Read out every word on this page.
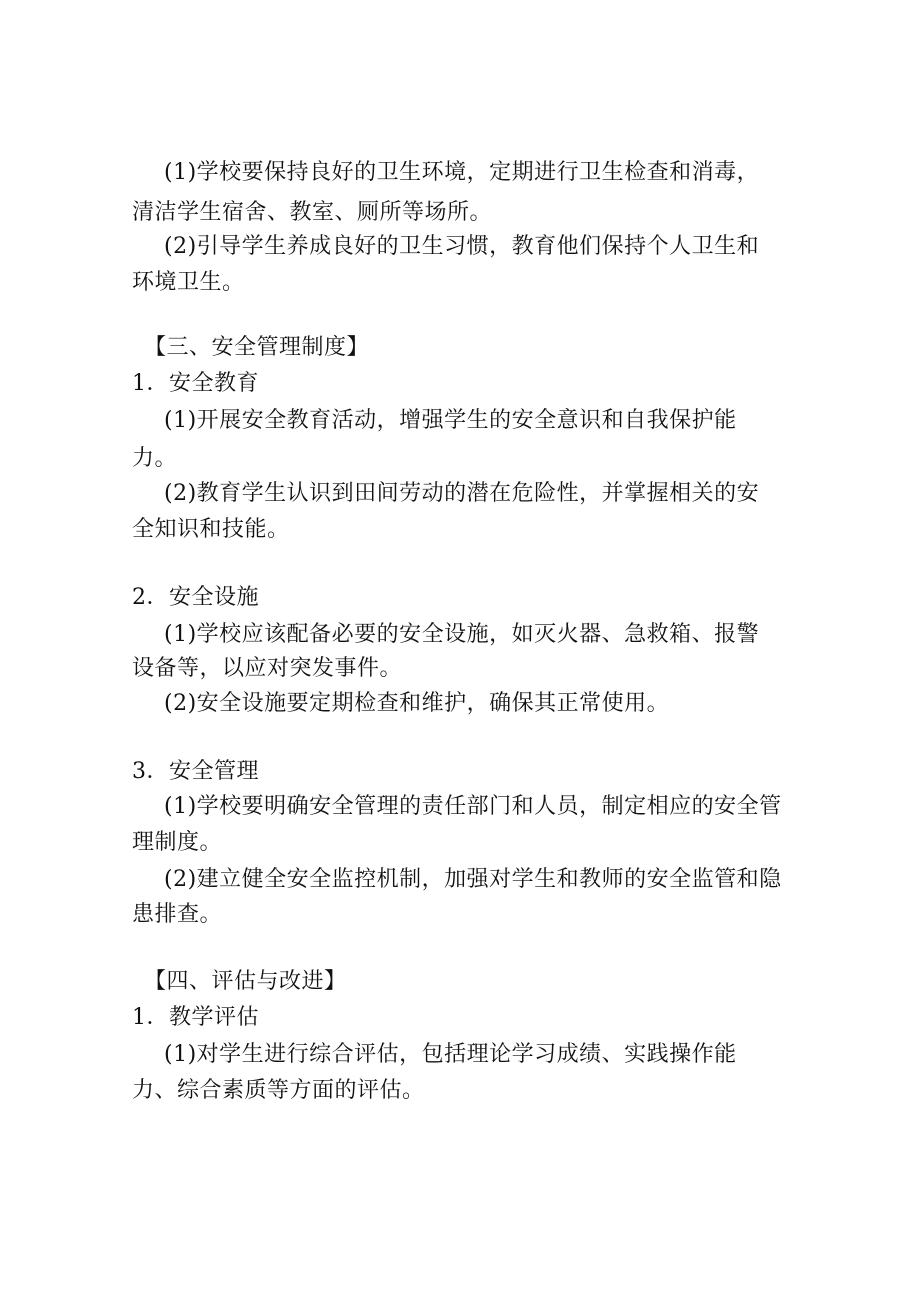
(1)学校要保持良好的卫生环境，定期进行卫生检查和消毒，
清洁学生宿舍、教室、厕所等场所。
(2)引导学生养成良好的卫生习惯，教育他们保持个人卫生和
环境卫生。
【三、安全管理制度】
1．安全教育
(1)开展安全教育活动，增强学生的安全意识和自我保护能
力。
(2)教育学生认识到田间劳动的潜在危险性，并掌握相关的安
全知识和技能。
2．安全设施
(1)学校应该配备必要的安全设施，如灭火器、急救箱、报警
设备等，以应对突发事件。
(2)安全设施要定期检查和维护，确保其正常使用。
3．安全管理
(1)学校要明确安全管理的责任部门和人员，制定相应的安全管
理制度。
(2)建立健全安全监控机制，加强对学生和教师的安全监管和隐
患排查。
【四、评估与改进】
1．教学评估
(1)对学生进行综合评估，包括理论学习成绩、实践操作能
力、综合素质等方面的评估。
